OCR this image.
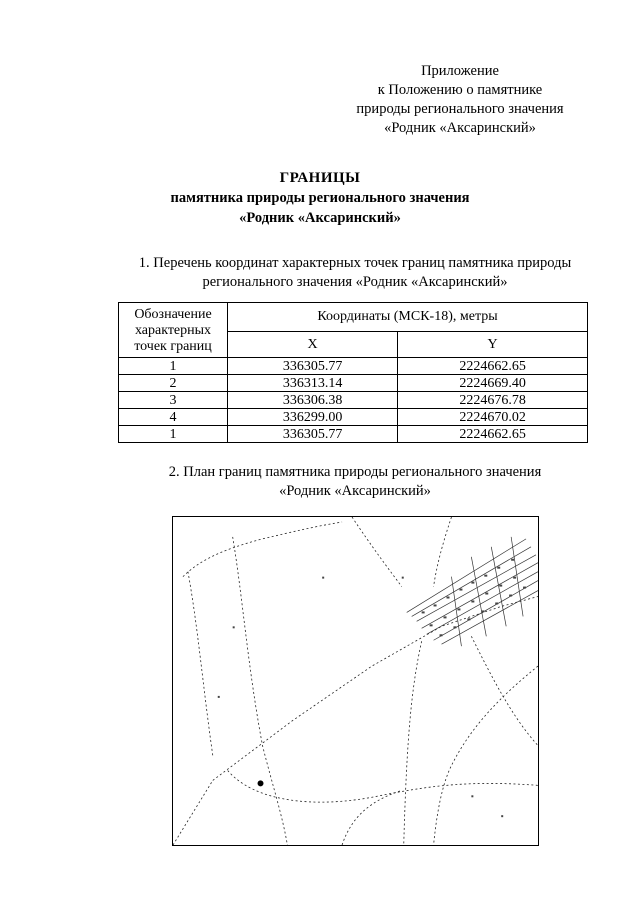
Приложение
к Положению о памятнике
природы регионального значения
«Родник «Аксаринский»
ГРАНИЦЫ
памятника природы регионального значения
«Родник «Аксаринский»
1. Перечень координат характерных точек границ памятника природы
регионального значения «Родник «Аксаринский»
Обозначение характерных точек границ	Координаты (МСК-18), метры	
	X	Y
1	336305.77	2224662.65
2	336313.14	2224669.40
3	336306.38	2224676.78
4	336299.00	2224670.02
1	336305.77	2224662.65
2. План границ памятника природы регионального значения
«Родник «Аксаринский»
